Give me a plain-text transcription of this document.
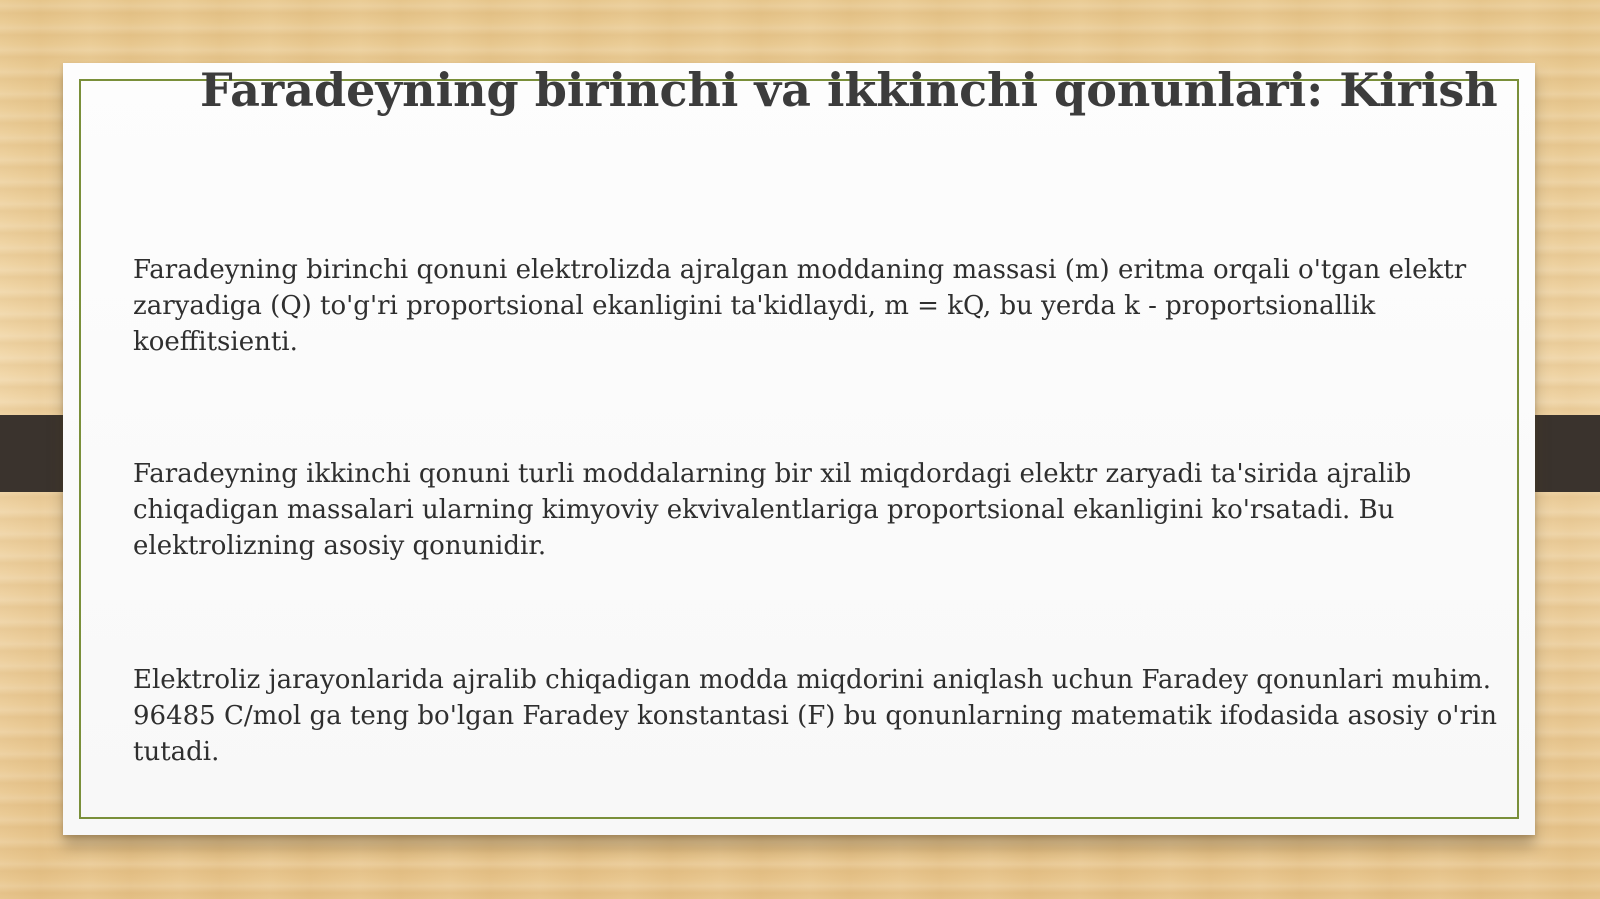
Faradeyning birinchi va ikkinchi qonunlari: Kirish

Faradeyning birinchi qonuni elektrolizda ajralgan moddaning massasi (m) eritma orqali o'tgan elektr zaryadiga (Q) to'g'ri proportsional ekanligini ta'kidlaydi, m = kQ, bu yerda k - proportsionallik koeffitsienti.

Faradeyning ikkinchi qonuni turli moddalarning bir xil miqdordagi elektr zaryadi ta'sirida ajralib chiqadigan massalari ularning kimyoviy ekvivalentlariga proportsional ekanligini ko'rsatadi. Bu elektrolizning asosiy qonunidir.

Elektroliz jarayonlarida ajralib chiqadigan modda miqdorini aniqlash uchun Faradey qonunlari muhim. 96485 C/mol ga teng bo'lgan Faradey konstantasi (F) bu qonunlarning matematik ifodasida asosiy o'rin tutadi.
